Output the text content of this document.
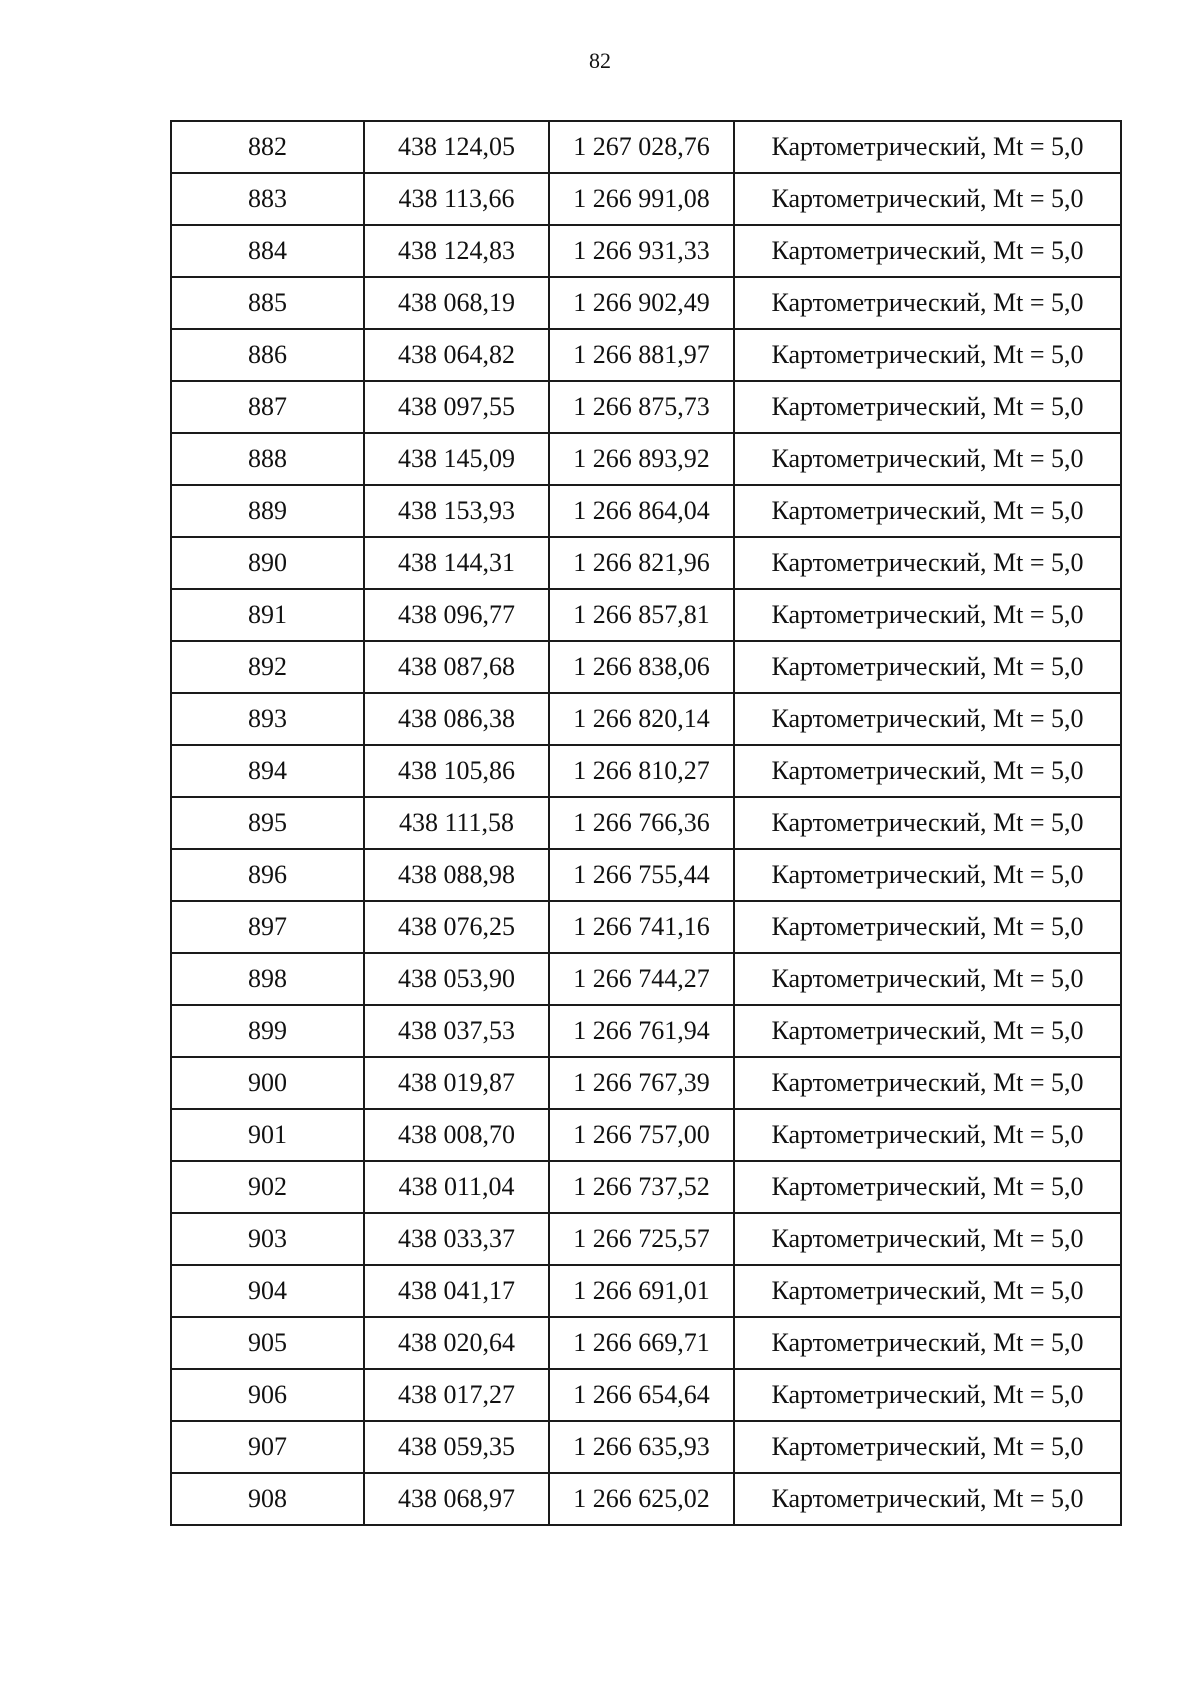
82
882	438 124,05	1 267 028,76	Картометрический, Mt = 5,0
883	438 113,66	1 266 991,08	Картометрический, Mt = 5,0
884	438 124,83	1 266 931,33	Картометрический, Mt = 5,0
885	438 068,19	1 266 902,49	Картометрический, Mt = 5,0
886	438 064,82	1 266 881,97	Картометрический, Mt = 5,0
887	438 097,55	1 266 875,73	Картометрический, Mt = 5,0
888	438 145,09	1 266 893,92	Картометрический, Mt = 5,0
889	438 153,93	1 266 864,04	Картометрический, Mt = 5,0
890	438 144,31	1 266 821,96	Картометрический, Mt = 5,0
891	438 096,77	1 266 857,81	Картометрический, Mt = 5,0
892	438 087,68	1 266 838,06	Картометрический, Mt = 5,0
893	438 086,38	1 266 820,14	Картометрический, Mt = 5,0
894	438 105,86	1 266 810,27	Картометрический, Mt = 5,0
895	438 111,58	1 266 766,36	Картометрический, Mt = 5,0
896	438 088,98	1 266 755,44	Картометрический, Mt = 5,0
897	438 076,25	1 266 741,16	Картометрический, Mt = 5,0
898	438 053,90	1 266 744,27	Картометрический, Mt = 5,0
899	438 037,53	1 266 761,94	Картометрический, Mt = 5,0
900	438 019,87	1 266 767,39	Картометрический, Mt = 5,0
901	438 008,70	1 266 757,00	Картометрический, Mt = 5,0
902	438 011,04	1 266 737,52	Картометрический, Mt = 5,0
903	438 033,37	1 266 725,57	Картометрический, Mt = 5,0
904	438 041,17	1 266 691,01	Картометрический, Mt = 5,0
905	438 020,64	1 266 669,71	Картометрический, Mt = 5,0
906	438 017,27	1 266 654,64	Картометрический, Mt = 5,0
907	438 059,35	1 266 635,93	Картометрический, Mt = 5,0
908	438 068,97	1 266 625,02	Картометрический, Mt = 5,0
